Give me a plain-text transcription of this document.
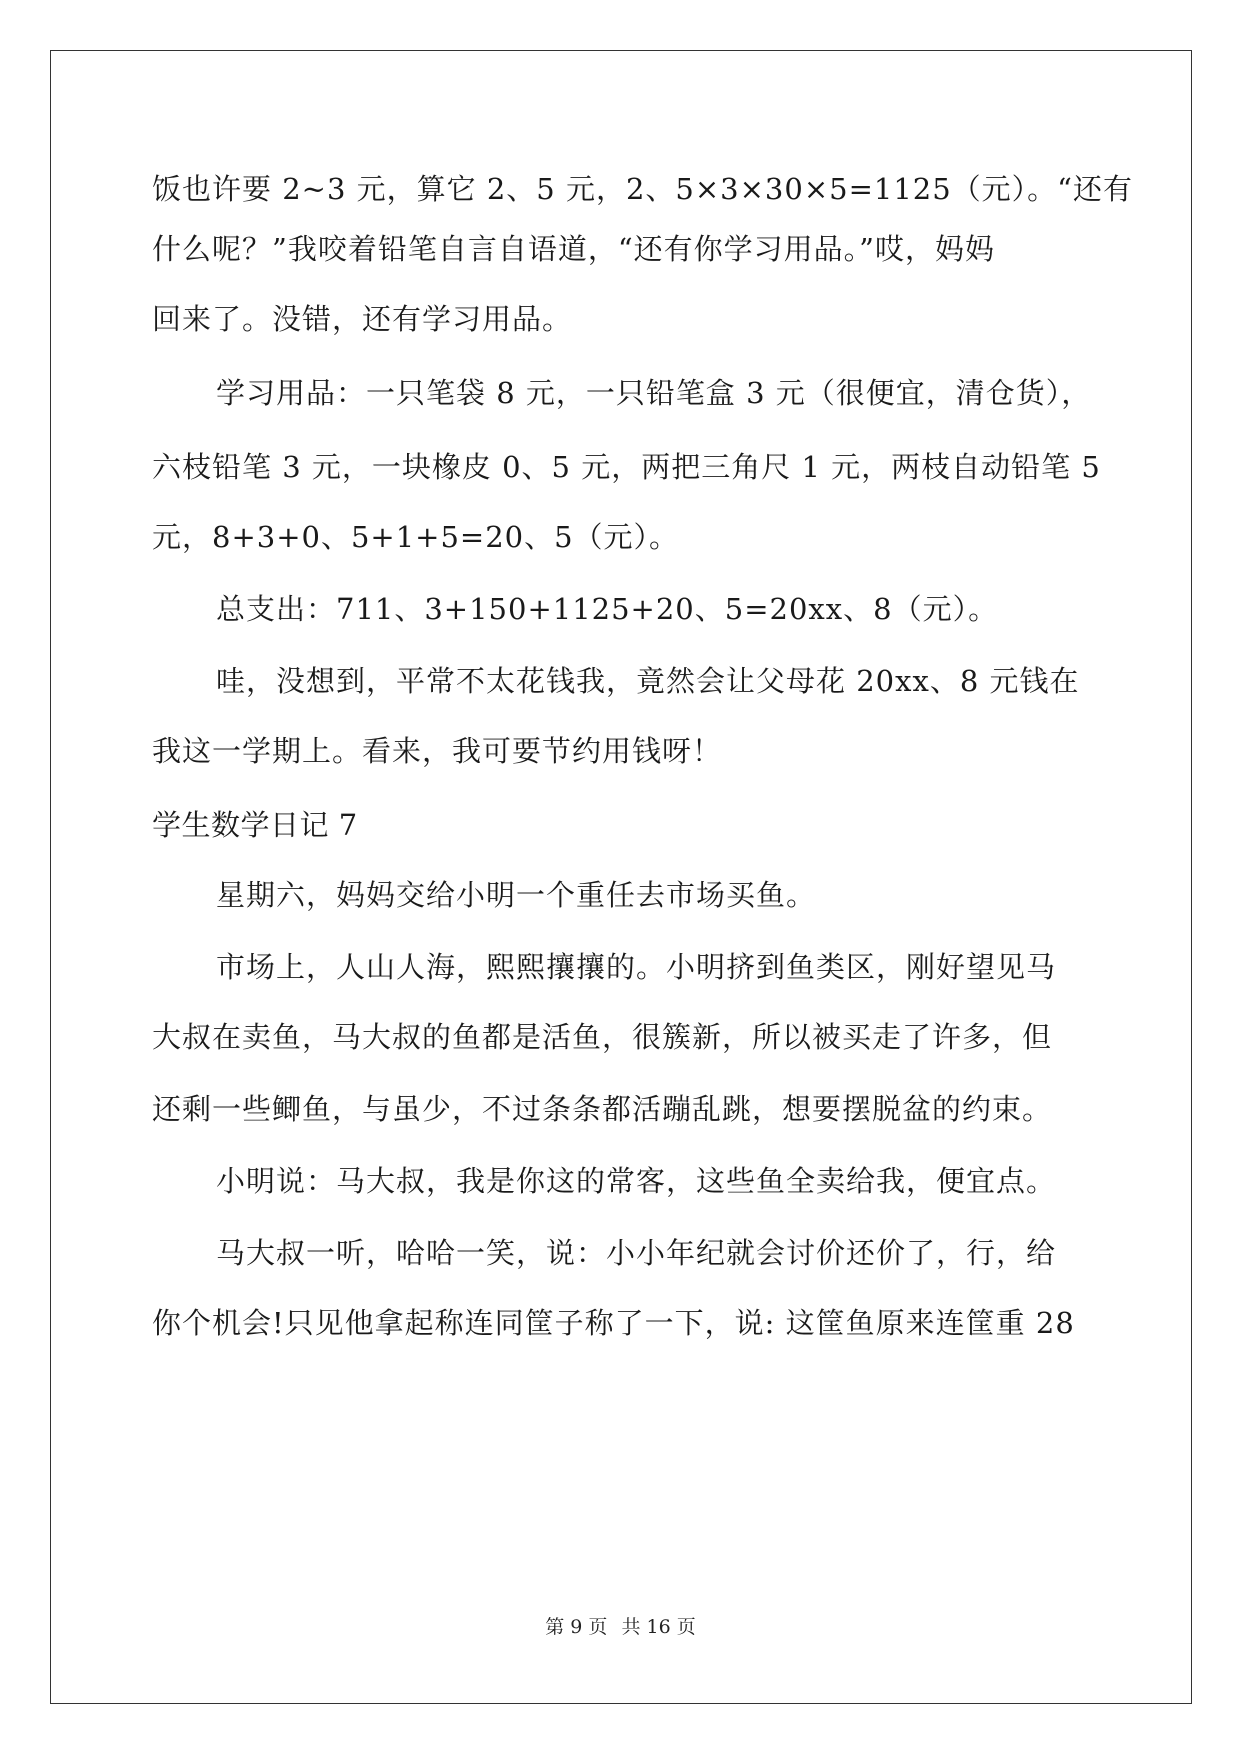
饭也许要 2~3 元，算它 2、5 元，2、5×3×30×5=1125（元）。“还有
什么呢？”我咬着铅笔自言自语道，“还有你学习用品。”哎，妈妈
回来了。没错，还有学习用品。
学习用品：一只笔袋 8 元，一只铅笔盒 3 元（很便宜，清仓货），
六枝铅笔 3 元，一块橡皮 0、5 元，两把三角尺 1 元，两枝自动铅笔 5
元，8+3+0、5+1+5=20、5（元）。
总支出：711、3+150+1125+20、5=20xx、8（元）。
哇，没想到，平常不太花钱我，竟然会让父母花 20xx、8 元钱在
我这一学期上。看来，我可要节约用钱呀！
学生数学日记 7
星期六，妈妈交给小明一个重任去市场买鱼。
市场上，人山人海，熙熙攘攘的。小明挤到鱼类区，刚好望见马
大叔在卖鱼，马大叔的鱼都是活鱼，很簇新，所以被买走了许多，但
还剩一些鲫鱼，与虽少，不过条条都活蹦乱跳，想要摆脱盆的约束。
小明说：马大叔，我是你这的常客，这些鱼全卖给我，便宜点。
马大叔一听，哈哈一笑，说：小小年纪就会讨价还价了，行，给
你个机会!只见他拿起称连同筐子称了一下，说: 这筐鱼原来连筐重 28
第 9 页 共 16 页
